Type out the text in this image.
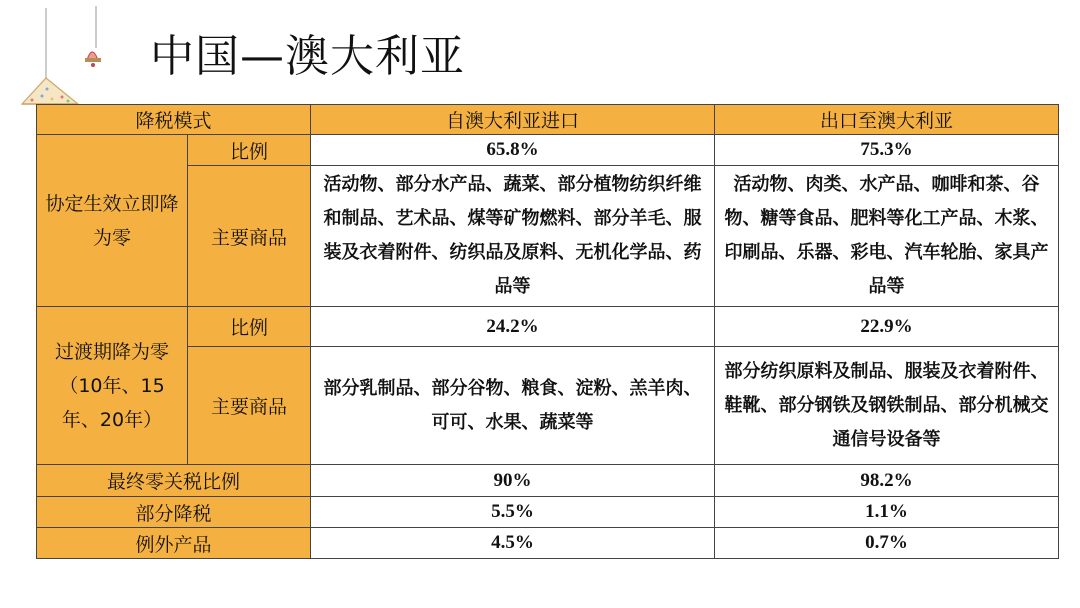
中国—澳大利亚
降税模式		自澳大利亚进口	出口至澳大利亚
协定生效立即降为零	比例	65.8%	75.3%
	主要商品	活动物、部分水产品、蔬菜、部分植物纺织纤维和制品、艺术品、煤等矿物燃料、部分羊毛、服装及衣着附件、纺织品及原料、无机化学品、药品等	活动物、肉类、水产品、咖啡和茶、谷物、糖等食品、肥料等化工产品、木浆、印刷品、乐器、彩电、汽车轮胎、家具产品等
过渡期降为零（10年、15年、20年）	比例	24.2%	22.9%
	主要商品	部分乳制品、部分谷物、粮食、淀粉、羔羊肉、可可、水果、蔬菜等	部分纺织原料及制品、服装及衣着附件、鞋靴、部分钢铁及钢铁制品、部分机械交通信号设备等
最终零关税比例		90%	98.2%
部分降税		5.5%	1.1%
例外产品		4.5%	0.7%
